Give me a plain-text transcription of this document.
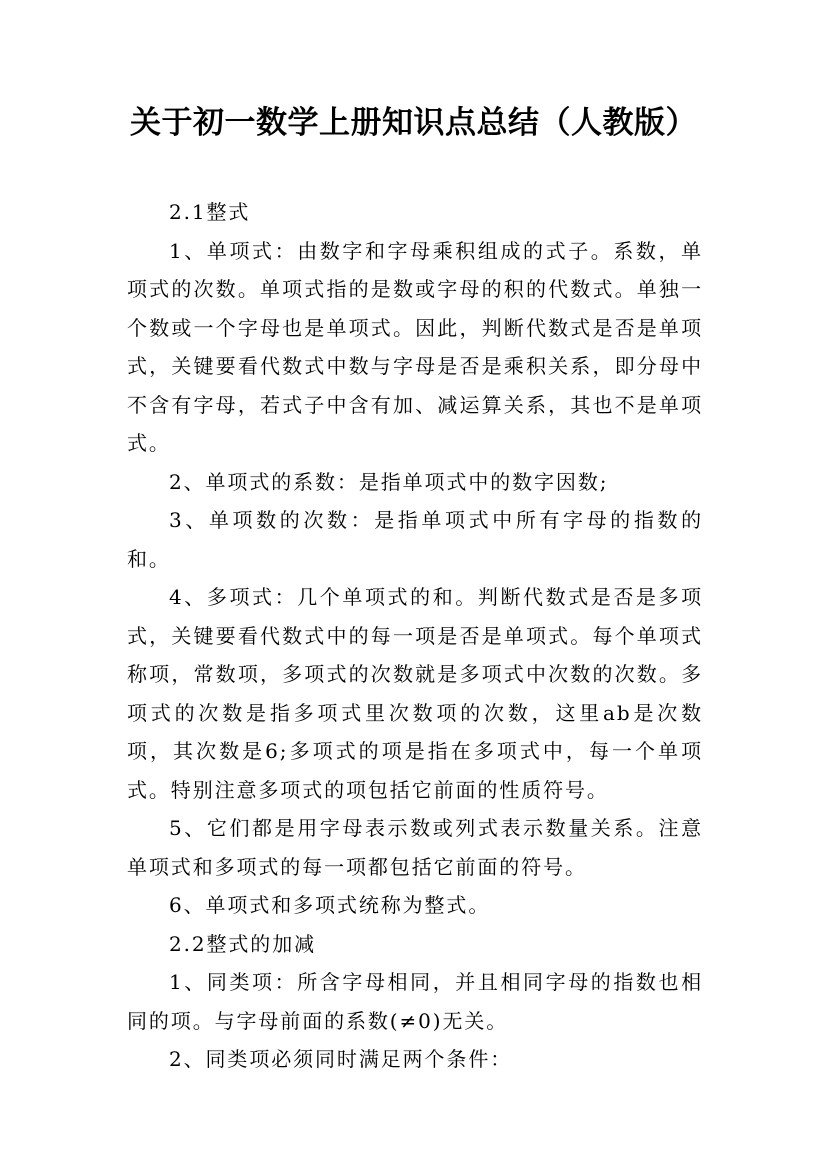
关于初一数学上册知识点总结（人教版）

2.1整式

1、单项式：由数字和字母乘积组成的式子。系数，单项式的次数。单项式指的是数或字母的积的代数式。单独一个数或一个字母也是单项式。因此，判断代数式是否是单项式，关键要看代数式中数与字母是否是乘积关系，即分母中不含有字母，若式子中含有加、减运算关系，其也不是单项式。

2、单项式的系数：是指单项式中的数字因数;

3、单项数的次数：是指单项式中所有字母的指数的和。

4、多项式：几个单项式的和。判断代数式是否是多项式，关键要看代数式中的每一项是否是单项式。每个单项式称项，常数项，多项式的次数就是多项式中次数的次数。多项式的次数是指多项式里次数项的次数，这里ab是次数项，其次数是6;多项式的项是指在多项式中，每一个单项式。特别注意多项式的项包括它前面的性质符号。

5、它们都是用字母表示数或列式表示数量关系。注意单项式和多项式的每一项都包括它前面的符号。

6、单项式和多项式统称为整式。

2.2整式的加减

1、同类项：所含字母相同，并且相同字母的指数也相同的项。与字母前面的系数(≠0)无关。

2、同类项必须同时满足两个条件：
